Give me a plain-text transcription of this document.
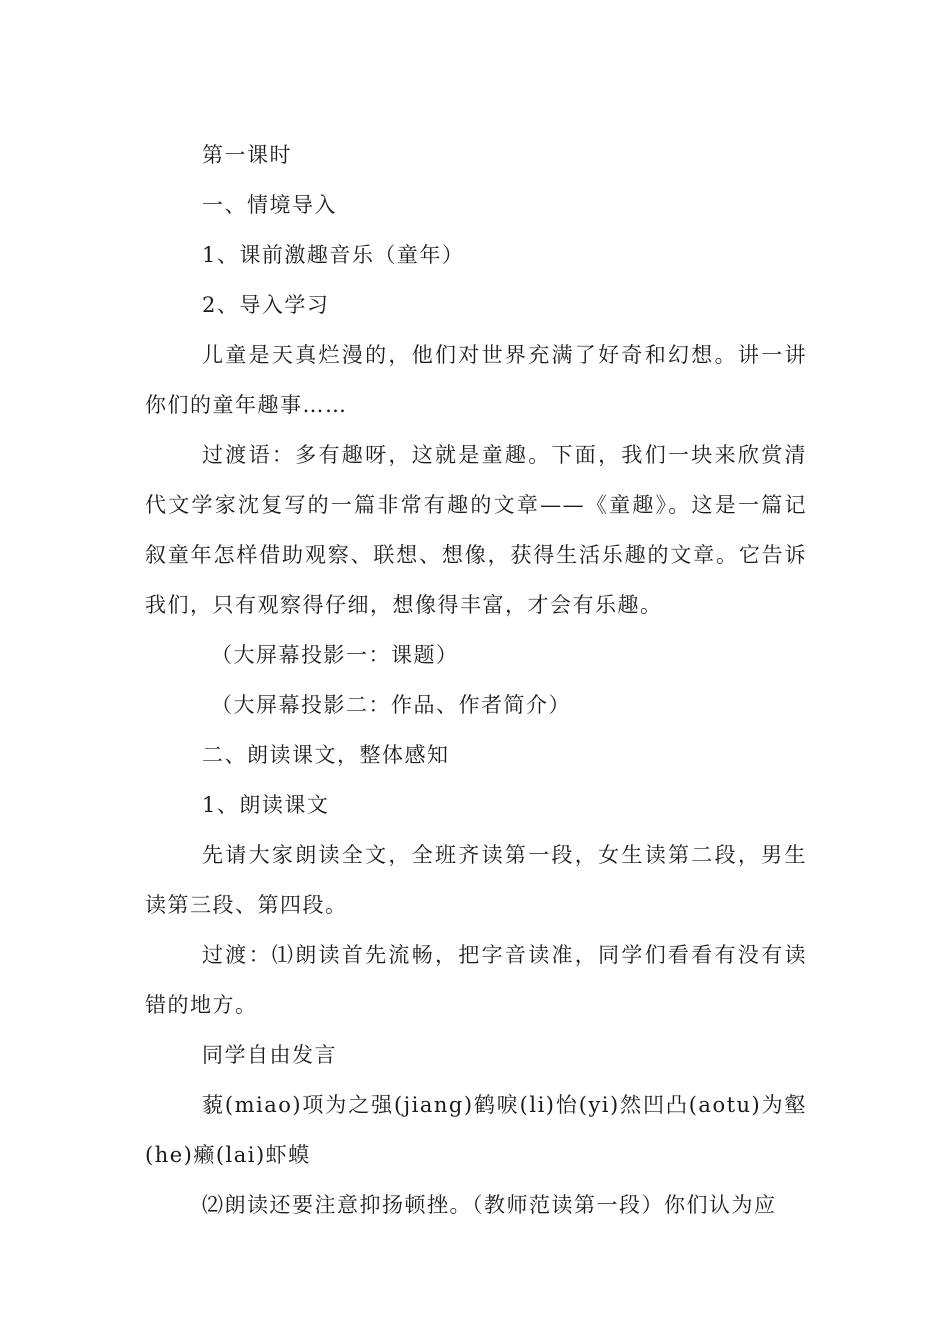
第一课时

一、情境导入

1、课前激趣音乐（童年）

2、导入学习

儿童是天真烂漫的，他们对世界充满了好奇和幻想。讲一讲你们的童年趣事……

过渡语：多有趣呀，这就是童趣。下面，我们一块来欣赏清代文学家沈复写的一篇非常有趣的文章——《童趣》。这是一篇记叙童年怎样借助观察、联想、想像，获得生活乐趣的文章。它告诉我们，只有观察得仔细，想像得丰富，才会有乐趣。

（大屏幕投影一：课题）

（大屏幕投影二：作品、作者简介）

二、朗读课文，整体感知

1、朗读课文

先请大家朗读全文，全班齐读第一段，女生读第二段，男生读第三段、第四段。

过渡：⑴朗读首先流畅，把字音读准，同学们看看有没有读错的地方。

同学自由发言

藐(miao)项为之强(jiang)鹤唳(li)怡(yi)然凹凸(aotu)为壑(he)癞(lai)虾蟆

⑵朗读还要注意抑扬顿挫。（教师范读第一段）你们认为应
